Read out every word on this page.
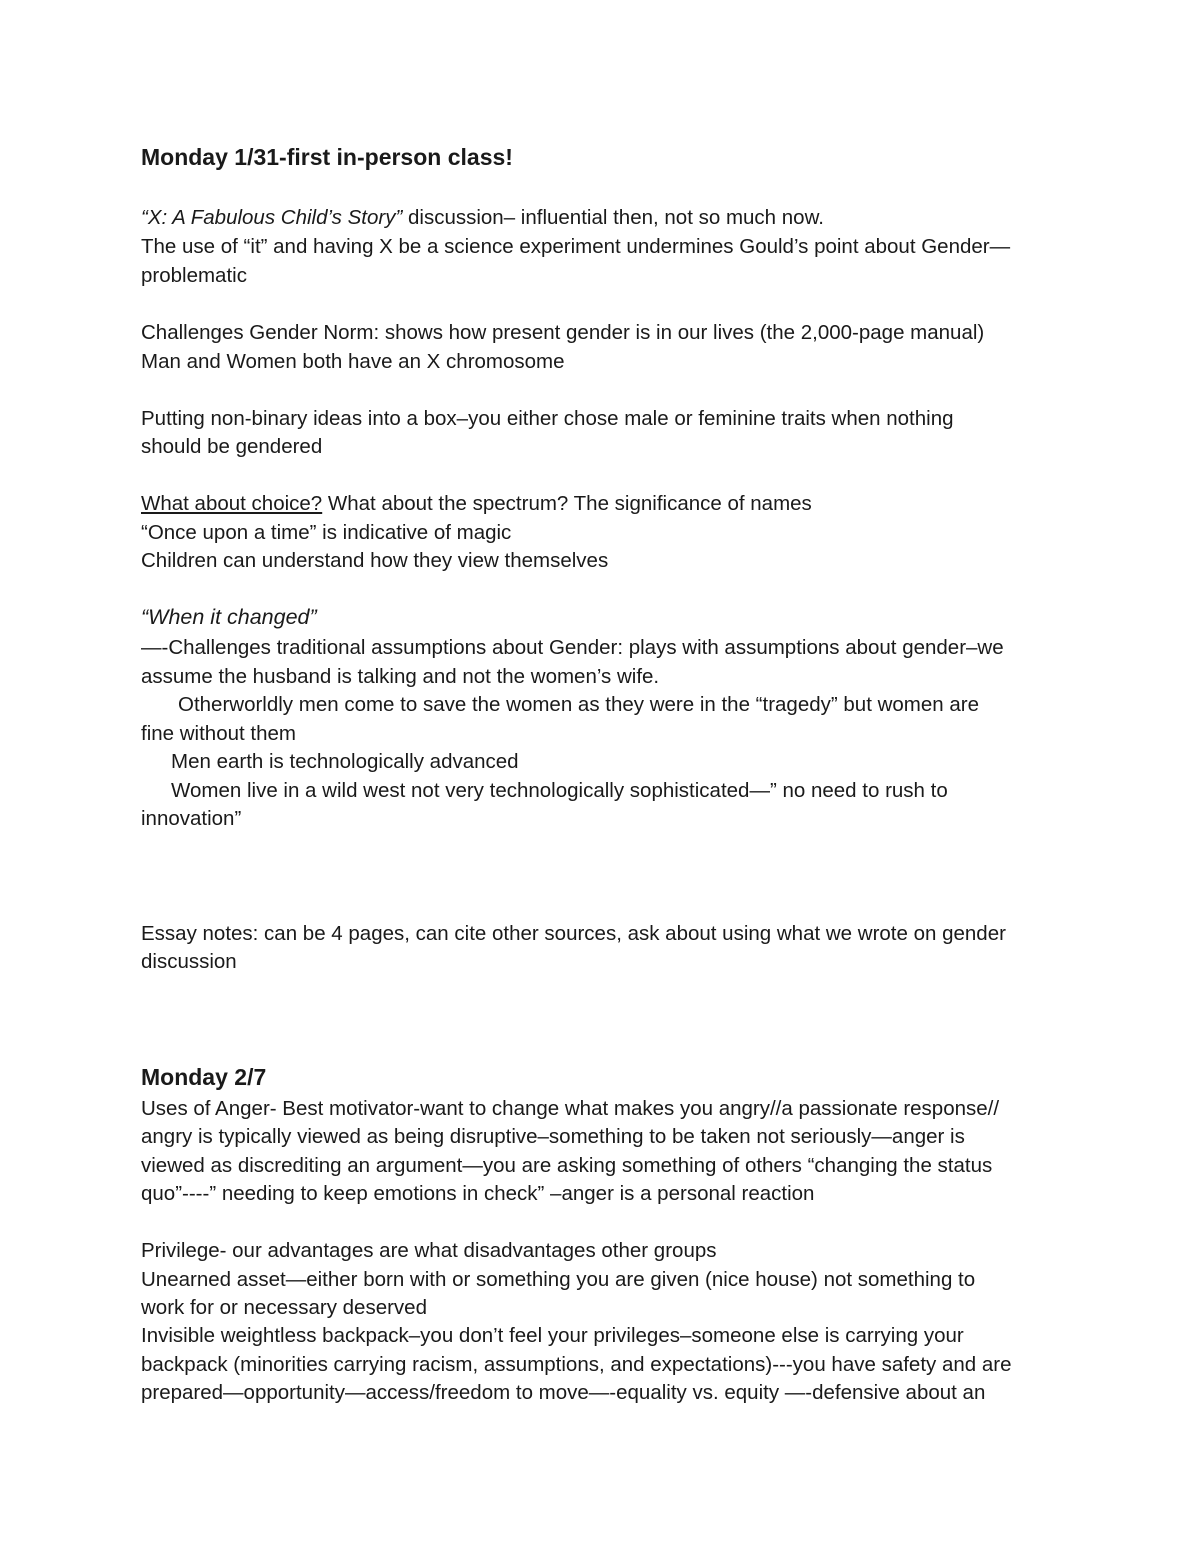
Monday 1/31-first in-person class!
“X: A Fabulous Child’s Story” discussion– influential then, not so much now.
The use of “it” and having X be a science experiment undermines Gould’s point about Gender—
problematic
Challenges Gender Norm: shows how present gender is in our lives (the 2,000-page manual)
Man and Women both have an X chromosome
Putting non-binary ideas into a box–you either chose male or feminine traits when nothing
should be gendered
What about choice? What about the spectrum? The significance of names
“Once upon a time” is indicative of magic
Children can understand how they view themselves
“When it changed”
—-Challenges traditional assumptions about Gender: plays with assumptions about gender–we
assume the husband is talking and not the women’s wife.
Otherworldly men come to save the women as they were in the “tragedy” but women are
fine without them
Men earth is technologically advanced
Women live in a wild west not very technologically sophisticated—” no need to rush to
innovation”
Essay notes: can be 4 pages, can cite other sources, ask about using what we wrote on gender
discussion
Monday 2/7
Uses of Anger- Best motivator-want to change what makes you angry//a passionate response//
angry is typically viewed as being disruptive–something to be taken not seriously—anger is
viewed as discrediting an argument—you are asking something of others “changing the status
quo”----” needing to keep emotions in check” –anger is a personal reaction
Privilege- our advantages are what disadvantages other groups
Unearned asset—either born with or something you are given (nice house) not something to
work for or necessary deserved
Invisible weightless backpack–you don’t feel your privileges–someone else is carrying your
backpack (minorities carrying racism, assumptions, and expectations)---you have safety and are
prepared—opportunity—access/freedom to move—-equality vs. equity —-defensive about an
